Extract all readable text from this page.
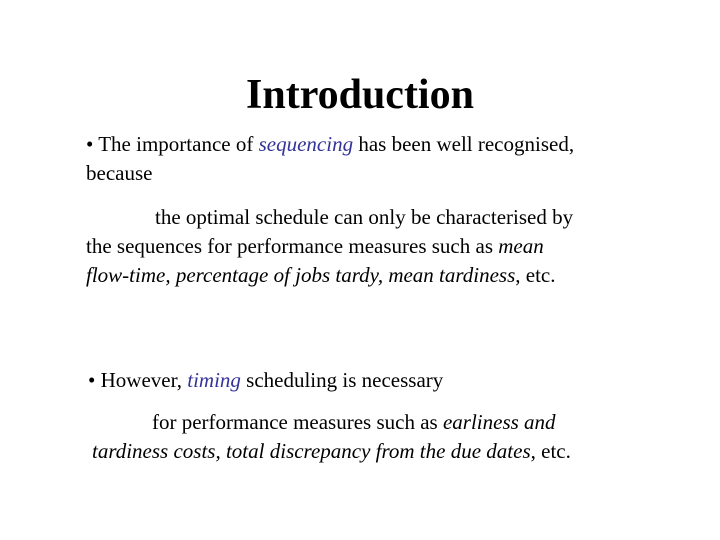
Introduction

• The importance of sequencing has been well recognised,
because

the optimal schedule can only be characterised by
the sequences for performance measures such as mean
flow-time, percentage of jobs tardy, mean tardiness, etc.

• However, timing scheduling is necessary

for performance measures such as earliness and
tardiness costs, total discrepancy from the due dates, etc.
